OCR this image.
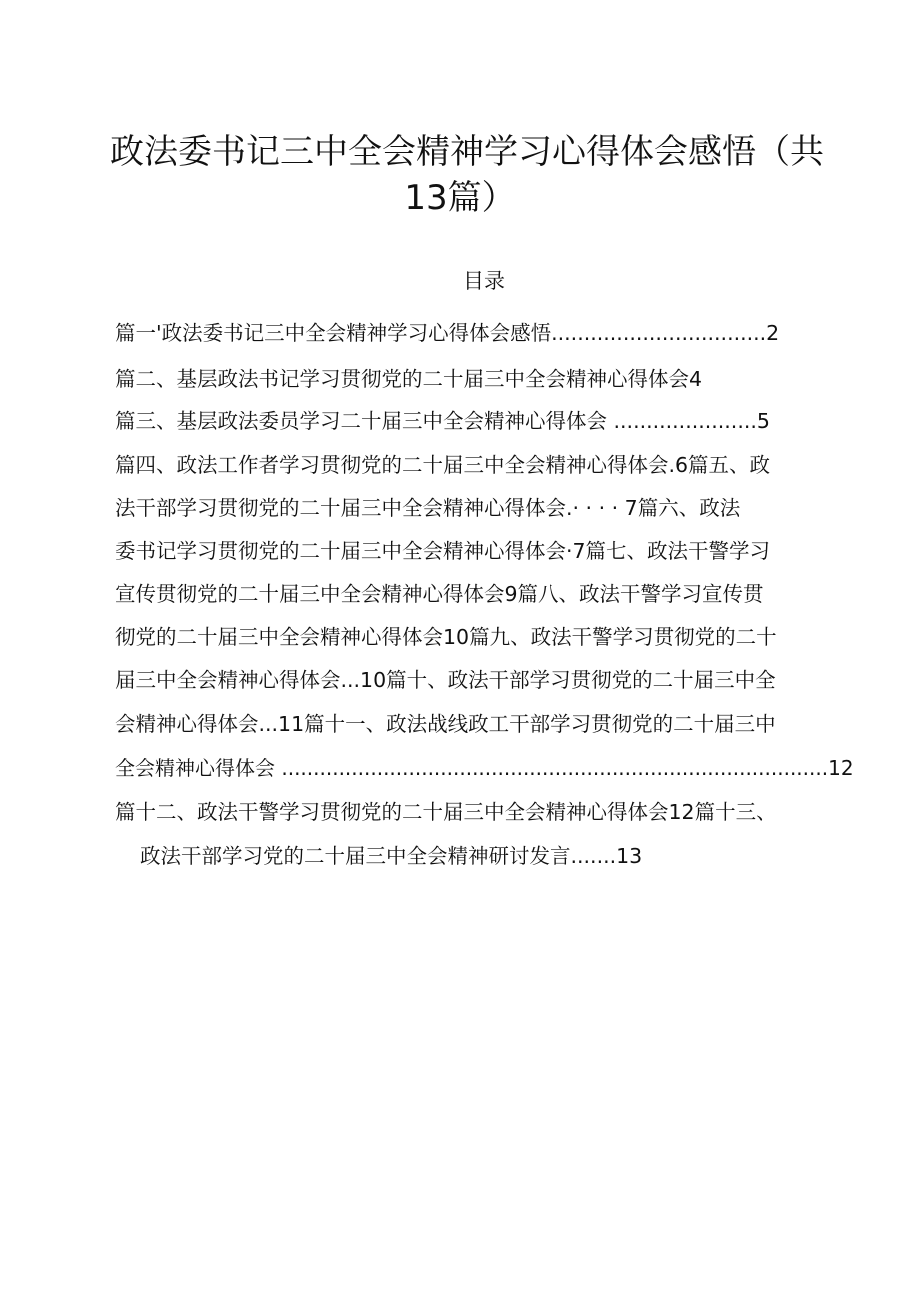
政法委书记三中全会精神学习心得体会感悟（共
13篇）
目录
篇一'政法委书记三中全会精神学习心得体会感悟.................................2
篇二、基层政法书记学习贯彻党的二十届三中全会精神心得体会4
篇三、基层政法委员学习二十届三中全会精神心得体会 ......................5
篇四、政法工作者学习贯彻党的二十届三中全会精神心得体会.6篇五、政
法干部学习贯彻党的二十届三中全会精神心得体会.· · · · 7篇六、政法
委书记学习贯彻党的二十届三中全会精神心得体会·7篇七、政法干警学习
宣传贯彻党的二十届三中全会精神心得体会9篇八、政法干警学习宣传贯
彻党的二十届三中全会精神心得体会10篇九、政法干警学习贯彻党的二十
届三中全会精神心得体会...10篇十、政法干部学习贯彻党的二十届三中全
会精神心得体会...11篇十一、政法战线政工干部学习贯彻党的二十届三中
全会精神心得体会 ......................................................................................12
篇十二、政法干警学习贯彻党的二十届三中全会精神心得体会12篇十三、
政法干部学习党的二十届三中全会精神研讨发言.......13
